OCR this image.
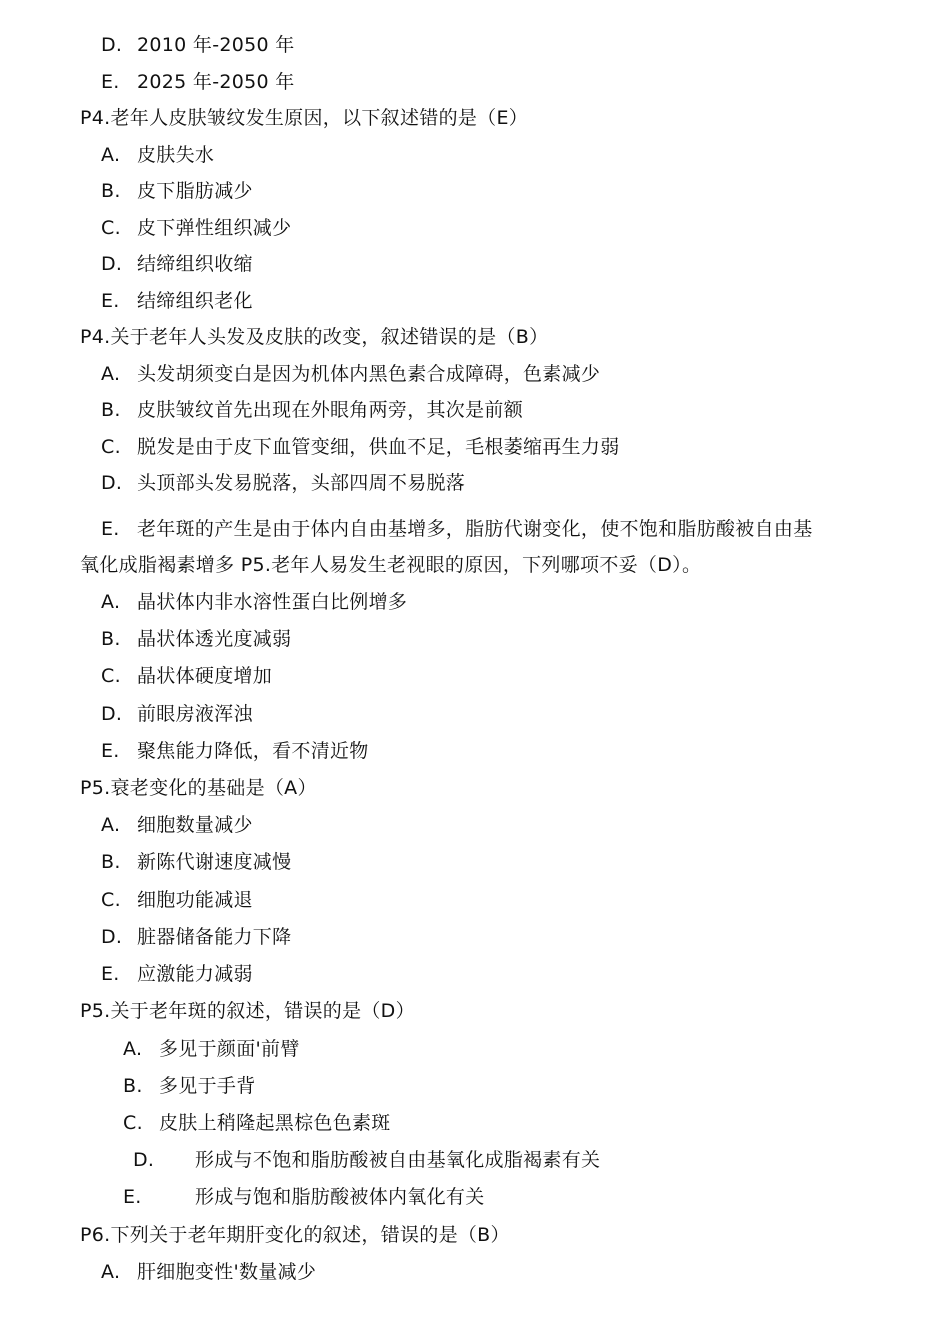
D. 2010 年-2050 年
E. 2025 年-2050 年
P4.老年人皮肤皱纹发生原因，以下叙述错的是（E）
A. 皮肤失水
B. 皮下脂肪减少
C. 皮下弹性组织减少
D. 结缔组织收缩
E. 结缔组织老化
P4.关于老年人头发及皮肤的改变，叙述错误的是（B）
A. 头发胡须变白是因为机体内黑色素合成障碍，色素减少
B. 皮肤皱纹首先出现在外眼角两旁，其次是前额
C. 脱发是由于皮下血管变细，供血不足，毛根萎缩再生力弱
D. 头顶部头发易脱落，头部四周不易脱落
E. 老年斑的产生是由于体内自由基增多，脂肪代谢变化，使不饱和脂肪酸被自由基
氧化成脂褐素增多 P5.老年人易发生老视眼的原因，下列哪项不妥（D）。
A. 晶状体内非水溶性蛋白比例增多
B. 晶状体透光度减弱
C. 晶状体硬度增加
D. 前眼房液浑浊
E. 聚焦能力降低，看不清近物
P5.衰老变化的基础是（A）
A. 细胞数量减少
B. 新陈代谢速度减慢
C. 细胞功能减退
D. 脏器储备能力下降
E. 应激能力减弱
P5.关于老年斑的叙述，错误的是（D）
A. 多见于颜面'前臂
B. 多见于手背
C. 皮肤上稍隆起黑棕色色素斑
D. 形成与不饱和脂肪酸被自由基氧化成脂褐素有关
E.	形成与饱和脂肪酸被体内氧化有关
P6.下列关于老年期肝变化的叙述，错误的是（B）
A. 肝细胞变性'数量减少
